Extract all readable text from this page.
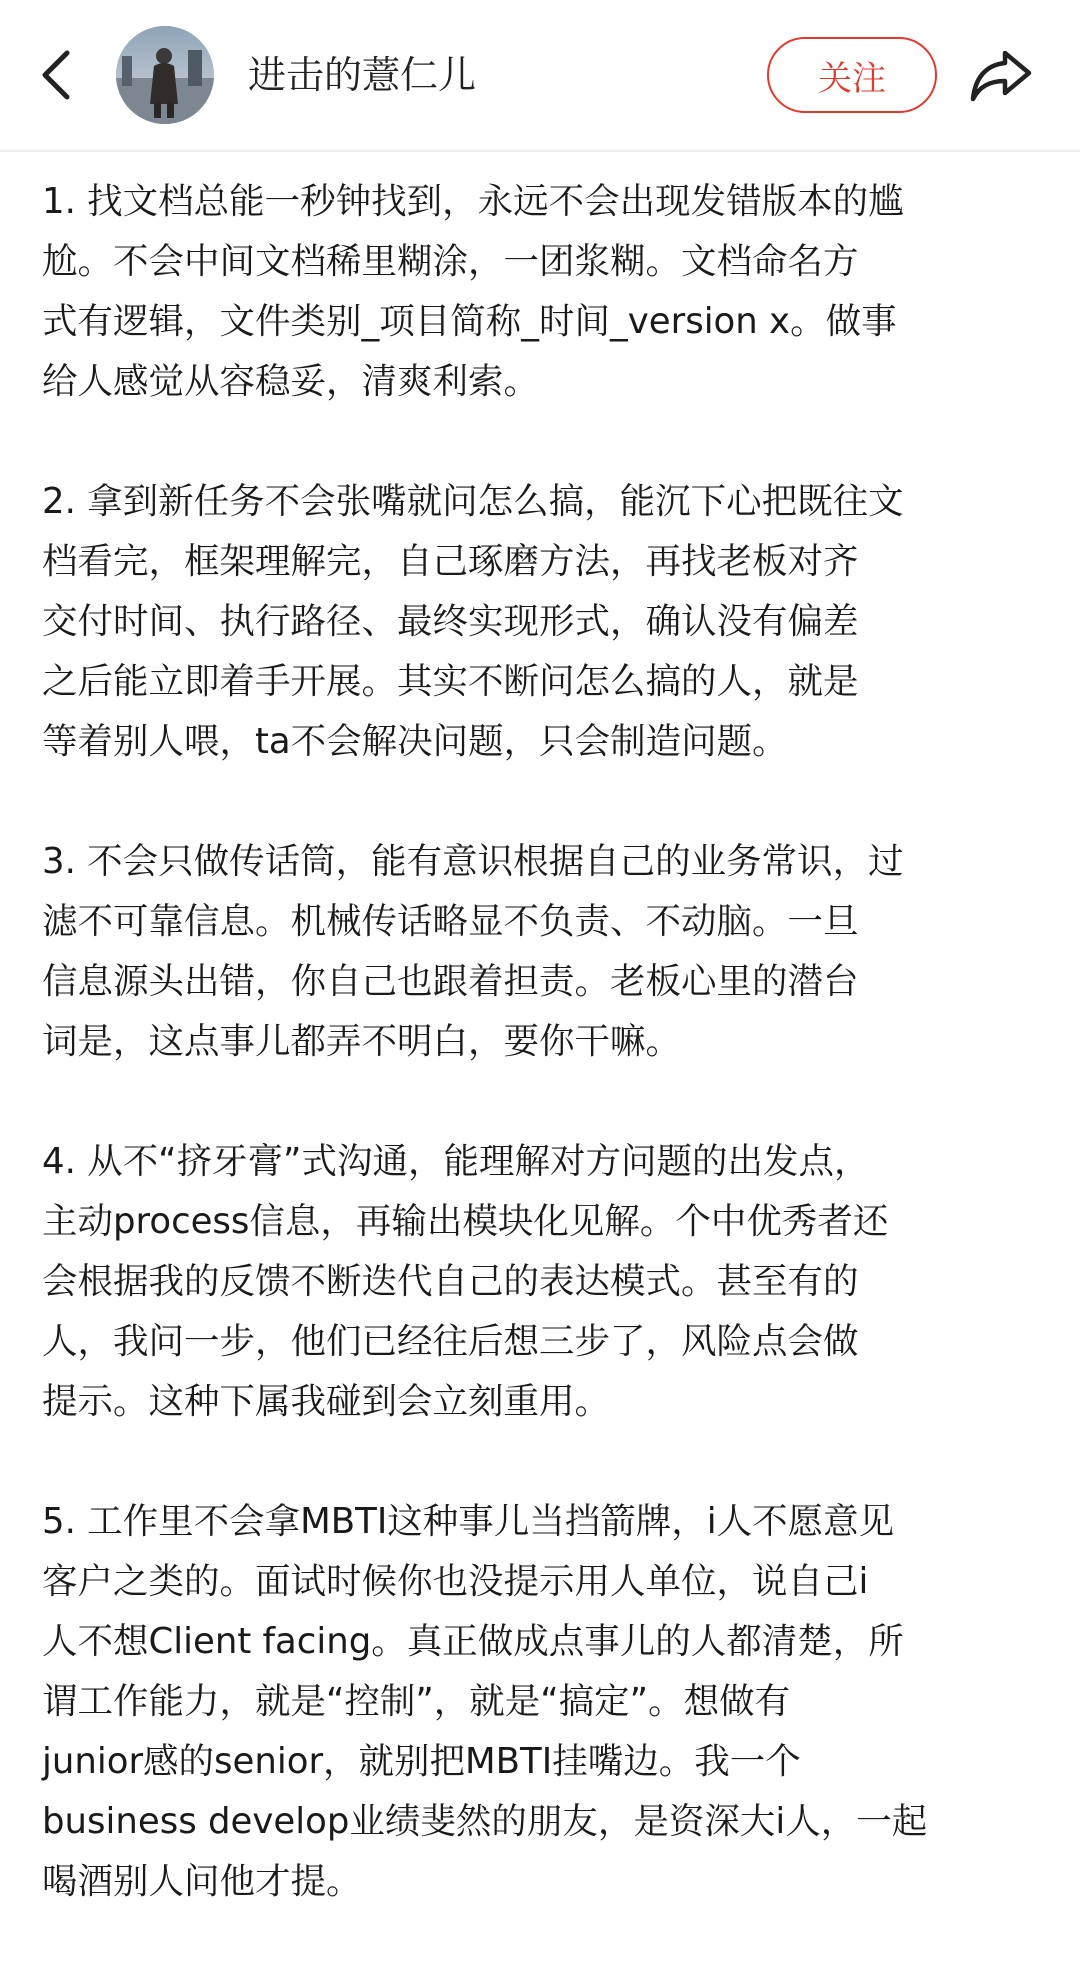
进击的薏仁儿	关注

1. 找文档总能一秒钟找到，永远不会出现发错版本的尴
尬。不会中间文档稀里糊涂，一团浆糊。文档命名方
式有逻辑，文件类别_项目简称_时间_version x。做事
给人感觉从容稳妥，清爽利索。

2. 拿到新任务不会张嘴就问怎么搞，能沉下心把既往文
档看完，框架理解完，自己琢磨方法，再找老板对齐
交付时间、执行路径、最终实现形式，确认没有偏差
之后能立即着手开展。其实不断问怎么搞的人，就是
等着别人喂，ta不会解决问题，只会制造问题。

3. 不会只做传话筒，能有意识根据自己的业务常识，过
滤不可靠信息。机械传话略显不负责、不动脑。一旦
信息源头出错，你自己也跟着担责。老板心里的潜台
词是，这点事儿都弄不明白，要你干嘛。

4. 从不“挤牙膏”式沟通，能理解对方问题的出发点，
主动process信息，再输出模块化见解。个中优秀者还
会根据我的反馈不断迭代自己的表达模式。甚至有的
人，我问一步，他们已经往后想三步了，风险点会做
提示。这种下属我碰到会立刻重用。

5. 工作里不会拿MBTI这种事儿当挡箭牌，i人不愿意见
客户之类的。面试时候你也没提示用人单位，说自己i
人不想Client facing。真正做成点事儿的人都清楚，所
谓工作能力，就是“控制”，就是“搞定”。想做有
junior感的senior，就别把MBTI挂嘴边。我一个
business develop业绩斐然的朋友，是资深大i人，一起
喝酒别人问他才提。
